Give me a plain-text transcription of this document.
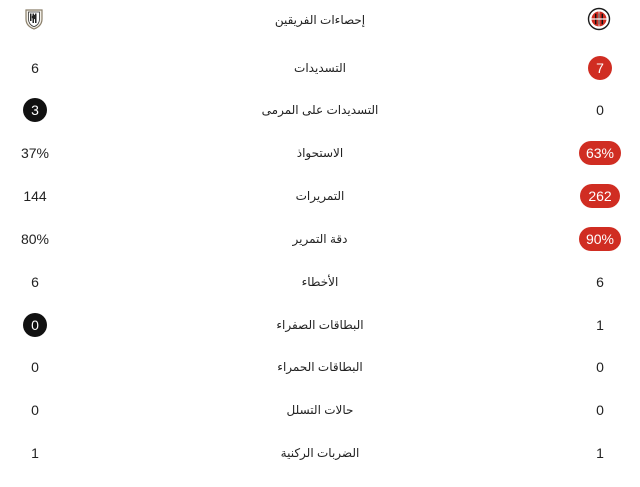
إحصاءات الفريقين
6	التسديدات	7
3	التسديدات على المرمى	0
37%	الاستحواذ	63%
144	التمريرات	262
80%	دقة التمرير	90%
6	الأخطاء	6
0	البطاقات الصفراء	1
0	البطاقات الحمراء	0
0	حالات التسلل	0
1	الضربات الركنية	1
